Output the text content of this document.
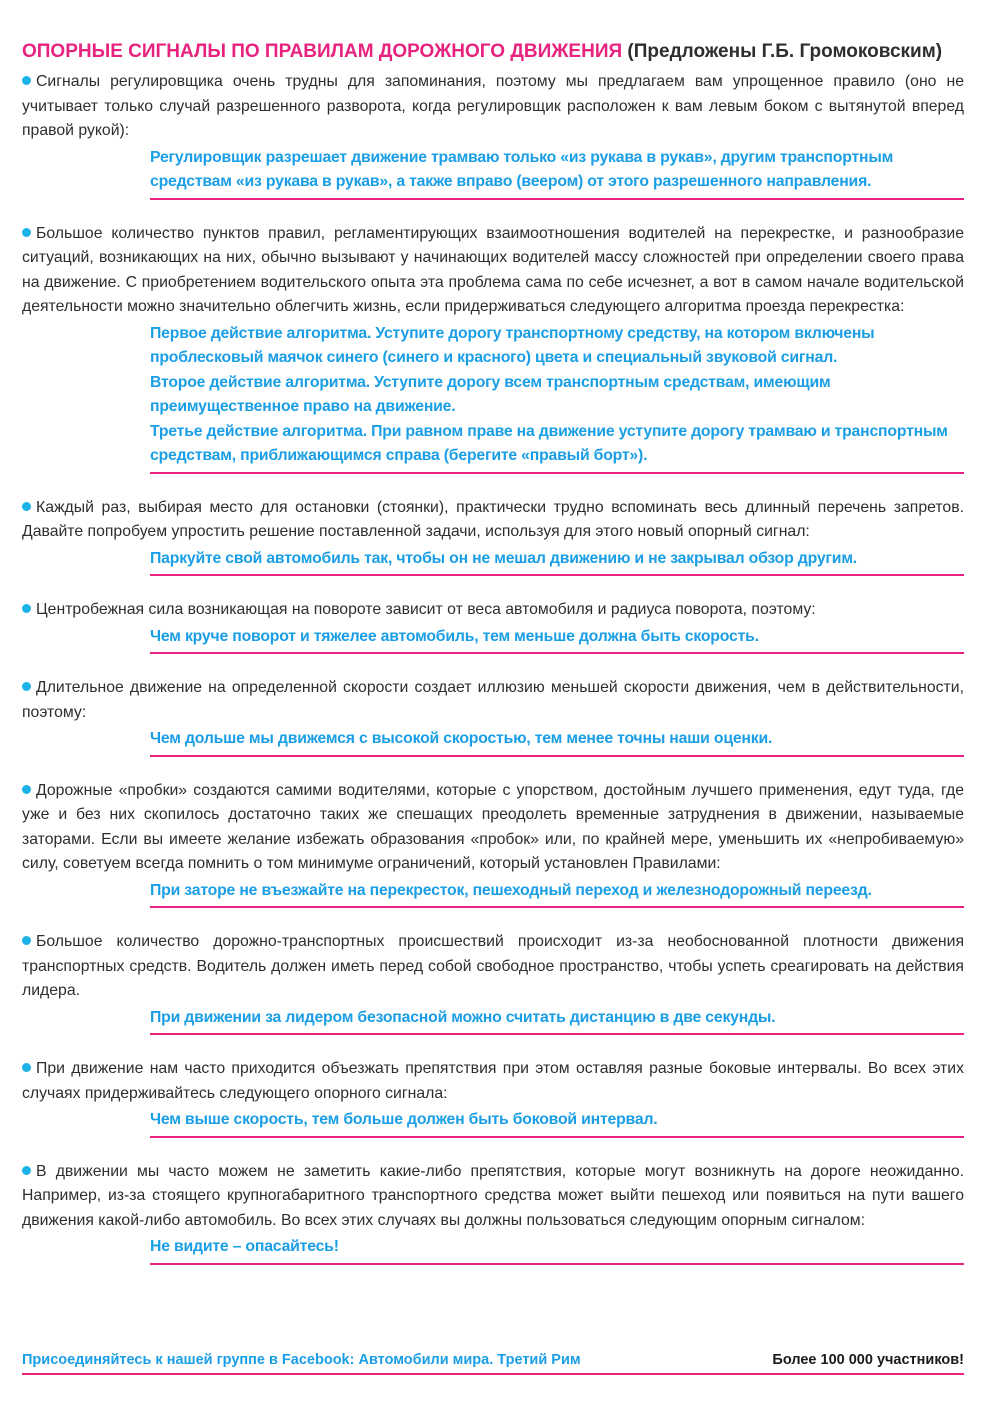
ОПОРНЫЕ СИГНАЛЫ ПО ПРАВИЛАМ ДОРОЖНОГО ДВИЖЕНИЯ (Предложены Г.Б. Громоковским)

Сигналы регулировщика очень трудны для запоминания, поэтому мы предлагаем вам упрощенное правило (оно не учитывает только случай разрешенного разворота, когда регулировщик расположен к вам левым боком с вытянутой вперед правой рукой):

Регулировщик разрешает движение трамваю только «из рукава в рукав», другим транспортным средствам «из рукава в рукав», а также вправо (веером) от этого разрешенного направления.

Большое количество пунктов правил, регламентирующих взаимоотношения водителей на перекрестке, и разнообразие ситуаций, возникающих на них, обычно вызывают у начинающих водителей массу сложностей при определении своего права на движение. С приобретением водительского опыта эта проблема сама по себе исчезнет, а вот в самом начале водительской деятельности можно значительно облегчить жизнь, если придерживаться следующего алгоритма проезда перекрестка:

Первое действие алгоритма. Уступите дорогу транспортному средству, на котором включены проблесковый маячок синего (синего и красного) цвета и специальный звуковой сигнал.
Второе действие алгоритма. Уступите дорогу всем транспортным средствам, имеющим преимущественное право на движение.
Третье действие алгоритма. При равном праве на движение уступите дорогу трамваю и транспортным средствам, приближающимся справа (берегите «правый борт»).

Каждый раз, выбирая место для остановки (стоянки), практически трудно вспоминать весь длинный перечень запретов. Давайте попробуем упростить решение поставленной задачи, используя для этого новый опорный сигнал:

Паркуйте свой автомобиль так, чтобы он не мешал движению и не закрывал обзор другим.

Центробежная сила возникающая на повороте зависит от веса автомобиля и радиуса поворота, поэтому:

Чем круче поворот и тяжелее автомобиль, тем меньше должна быть скорость.

Длительное движение на определенной скорости создает иллюзию меньшей скорости движения, чем в действительности, поэтому:

Чем дольше мы движемся с высокой скоростью, тем менее точны наши оценки.

Дорожные «пробки» создаются самими водителями, которые с упорством, достойным лучшего применения, едут туда, где уже и без них скопилось достаточно таких же спешащих преодолеть временные затруднения в движении, называемые заторами. Если вы имеете желание избежать образования «пробок» или, по крайней мере, уменьшить их «непробиваемую» силу, советуем всегда помнить о том минимуме ограничений, который установлен Правилами:

При заторе не въезжайте на перекресток, пешеходный переход и железнодорожный переезд.

Большое количество дорожно-транспортных происшествий происходит из-за необоснованной плотности движения транспортных средств. Водитель должен иметь перед собой свободное пространство, чтобы успеть среагировать на действия лидера.

При движении за лидером безопасной можно считать дистанцию в две секунды.

При движение нам часто приходится объезжать препятствия при этом оставляя разные боковые интервалы. Во всех этих случаях придерживайтесь следующего опорного сигнала:

Чем выше скорость, тем больше должен быть боковой интервал.

В движении мы часто можем не заметить какие-либо препятствия, которые могут возникнуть на дороге неожиданно. Например, из-за стоящего крупногабаритного транспортного средства может выйти пешеход или появиться на пути вашего движения какой-либо автомобиль. Во всех этих случаях вы должны пользоваться следующим опорным сигналом:

Не видите – опасайтесь!
Присоединяйтесь к нашей группе в Facebook: Автомобили мира. Третий Рим	Более 100 000 участников!
